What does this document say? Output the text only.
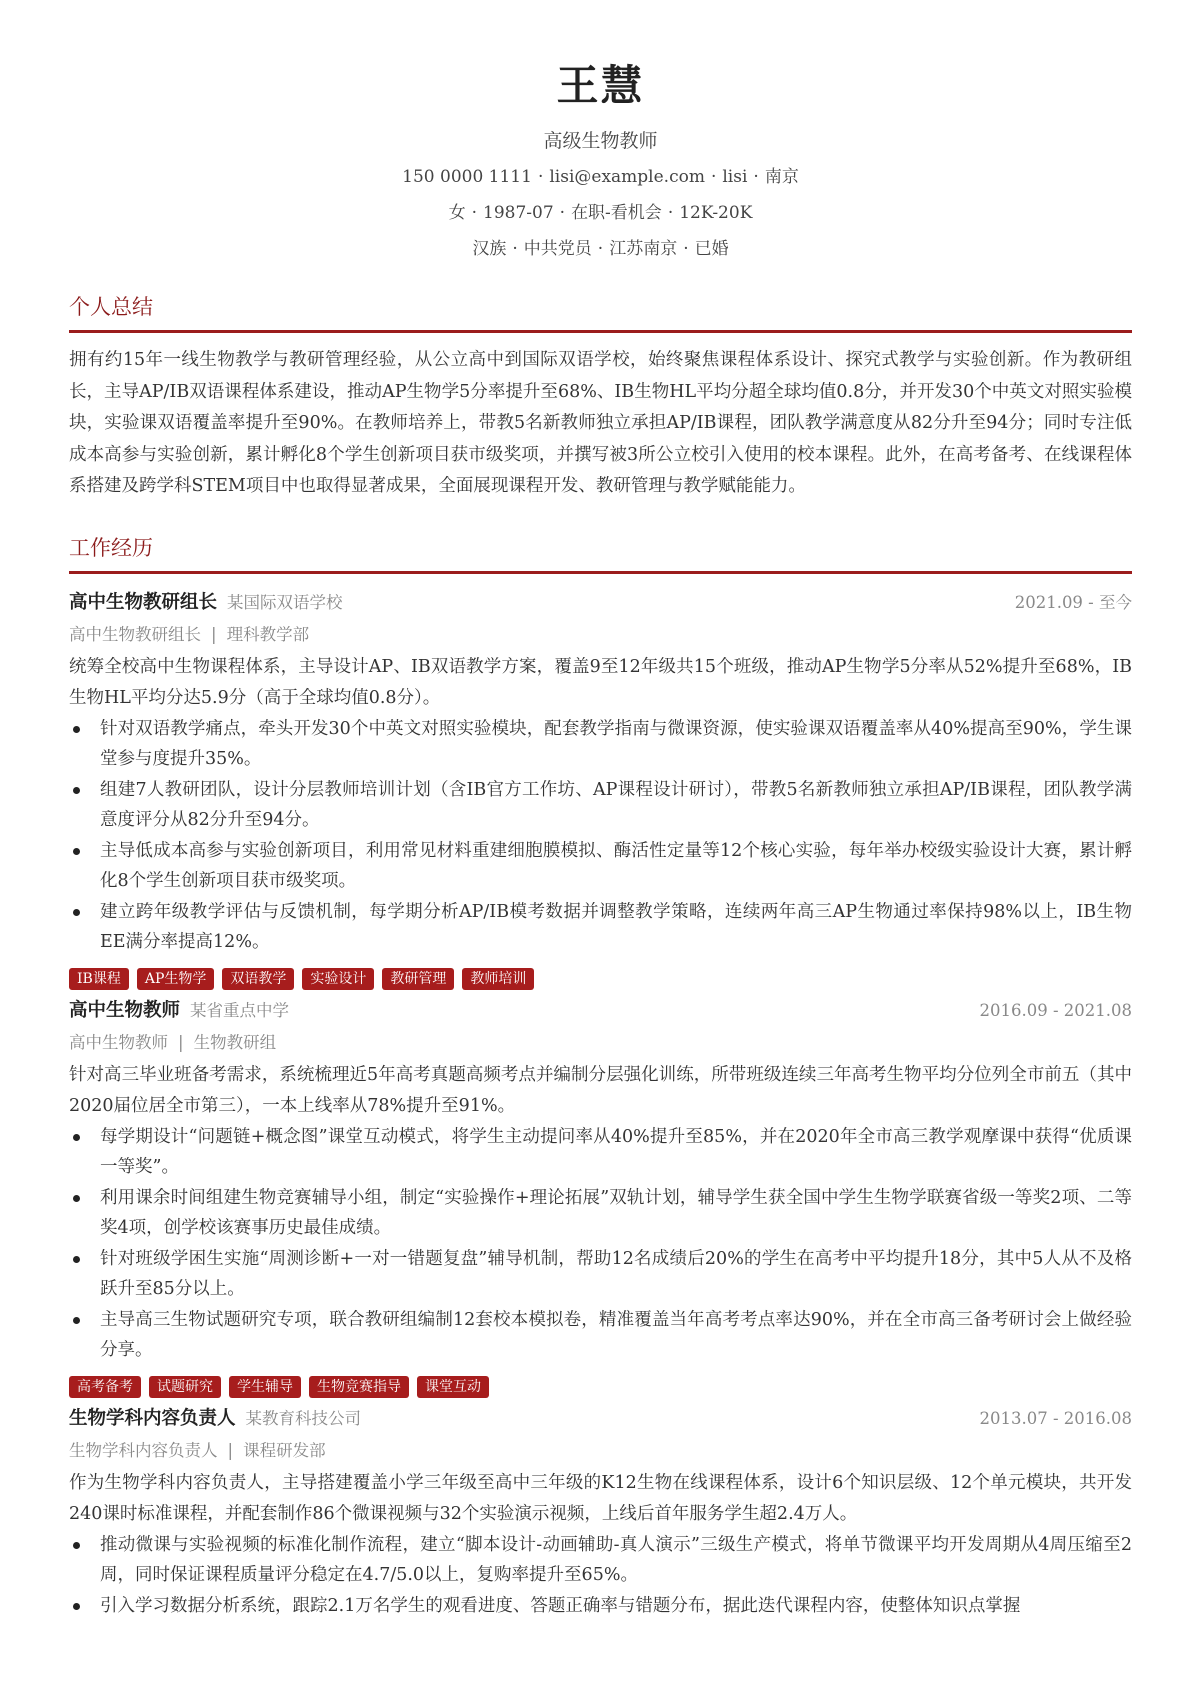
王慧
高级生物教师
150 0000 1111 · lisi@example.com · lisi · 南京
女 · 1987-07 · 在职-看机会 · 12K-20K
汉族 · 中共党员 · 江苏南京 · 已婚
个人总结
拥有约15年一线生物教学与教研管理经验，从公立高中到国际双语学校，始终聚焦课程体系设计、探究式教学与实验创新。作为教研组长，主导AP/IB双语课程体系建设，推动AP生物学5分率提升至68%、IB生物HL平均分超全球均值0.8分，并开发30个中英文对照实验模块，实验课双语覆盖率提升至90%。在教师培养上，带教5名新教师独立承担AP/IB课程，团队教学满意度从82分升至94分；同时专注低成本高参与实验创新，累计孵化8个学生创新项目获市级奖项，并撰写被3所公立校引入使用的校本课程。此外，在高考备考、在线课程体系搭建及跨学科STEM项目中也取得显著成果，全面展现课程开发、教研管理与教学赋能能力。
工作经历
高中生物教研组长 某国际双语学校	2021.09 - 至今
高中生物教研组长 | 理科教学部
统筹全校高中生物课程体系，主导设计AP、IB双语教学方案，覆盖9至12年级共15个班级，推动AP生物学5分率从52%提升至68%，IB生物HL平均分达5.9分（高于全球均值0.8分）。
针对双语教学痛点，牵头开发30个中英文对照实验模块，配套教学指南与微课资源，使实验课双语覆盖率从40%提高至90%，学生课堂参与度提升35%。
组建7人教研团队，设计分层教师培训计划（含IB官方工作坊、AP课程设计研讨），带教5名新教师独立承担AP/IB课程，团队教学满意度评分从82分升至94分。
主导低成本高参与实验创新项目，利用常见材料重建细胞膜模拟、酶活性定量等12个核心实验，每年举办校级实验设计大赛，累计孵化8个学生创新项目获市级奖项。
建立跨年级教学评估与反馈机制，每学期分析AP/IB模考数据并调整教学策略，连续两年高三AP生物通过率保持98%以上，IB生物EE满分率提高12%。
IB课程	AP生物学	双语教学	实验设计	教研管理	教师培训
高中生物教师 某省重点中学	2016.09 - 2021.08
高中生物教师 | 生物教研组
针对高三毕业班备考需求，系统梳理近5年高考真题高频考点并编制分层强化训练，所带班级连续三年高考生物平均分位列全市前五（其中2020届位居全市第三），一本上线率从78%提升至91%。
每学期设计“问题链+概念图”课堂互动模式，将学生主动提问率从40%提升至85%，并在2020年全市高三教学观摩课中获得“优质课一等奖”。
利用课余时间组建生物竞赛辅导小组，制定“实验操作+理论拓展”双轨计划，辅导学生获全国中学生生物学联赛省级一等奖2项、二等奖4项，创学校该赛事历史最佳成绩。
针对班级学困生实施“周测诊断+一对一错题复盘”辅导机制，帮助12名成绩后20%的学生在高考中平均提升18分，其中5人从不及格跃升至85分以上。
主导高三生物试题研究专项，联合教研组编制12套校本模拟卷，精准覆盖当年高考考点率达90%，并在全市高三备考研讨会上做经验分享。
高考备考	试题研究	学生辅导	生物竞赛指导	课堂互动
生物学科内容负责人 某教育科技公司	2013.07 - 2016.08
生物学科内容负责人 | 课程研发部
作为生物学科内容负责人，主导搭建覆盖小学三年级至高中三年级的K12生物在线课程体系，设计6个知识层级、12个单元模块，共开发240课时标准课程，并配套制作86个微课视频与32个实验演示视频，上线后首年服务学生超2.4万人。
推动微课与实验视频的标准化制作流程，建立“脚本设计-动画辅助-真人演示”三级生产模式，将单节微课平均开发周期从4周压缩至2周，同时保证课程质量评分稳定在4.7/5.0以上，复购率提升至65%。
引入学习数据分析系统，跟踪2.1万名学生的观看进度、答题正确率与错题分布，据此迭代课程内容，使整体知识点掌握
